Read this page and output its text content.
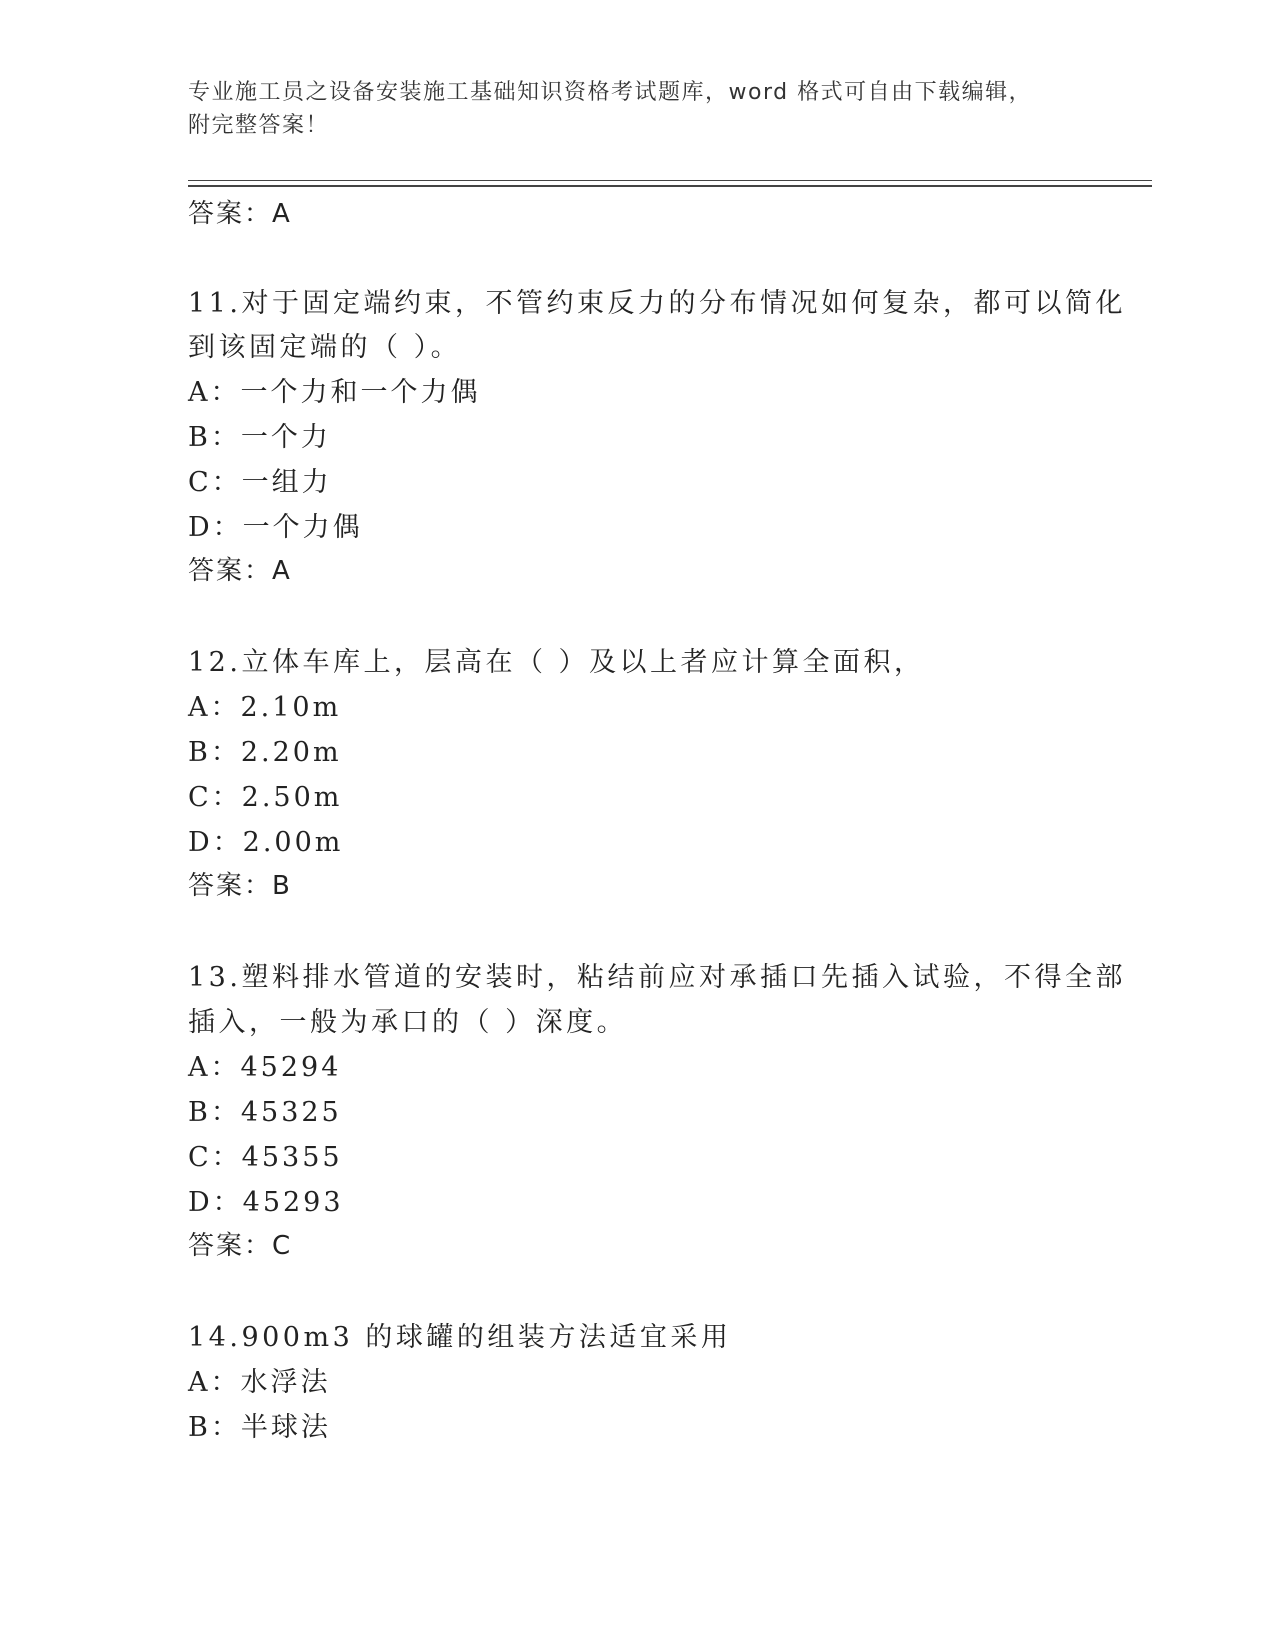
专业施工员之设备安装施工基础知识资格考试题库，word 格式可自由下载编辑，
附完整答案！
答案：A
11.对于固定端约束，不管约束反力的分布情况如何复杂，都可以简化
到该固定端的（ ）。
A：一个力和一个力偶
B：一个力
C：一组力
D：一个力偶
答案：A
12.立体车库上，层高在（ ）及以上者应计算全面积，
A：2.10m
B：2.20m
C：2.50m
D：2.00m
答案：B
13.塑料排水管道的安装时，粘结前应对承插口先插入试验，不得全部
插入，一般为承口的（ ）深度。
A：45294
B：45325
C：45355
D：45293
答案：C
14.900m3 的球罐的组装方法适宜采用
A：水浮法
B：半球法
